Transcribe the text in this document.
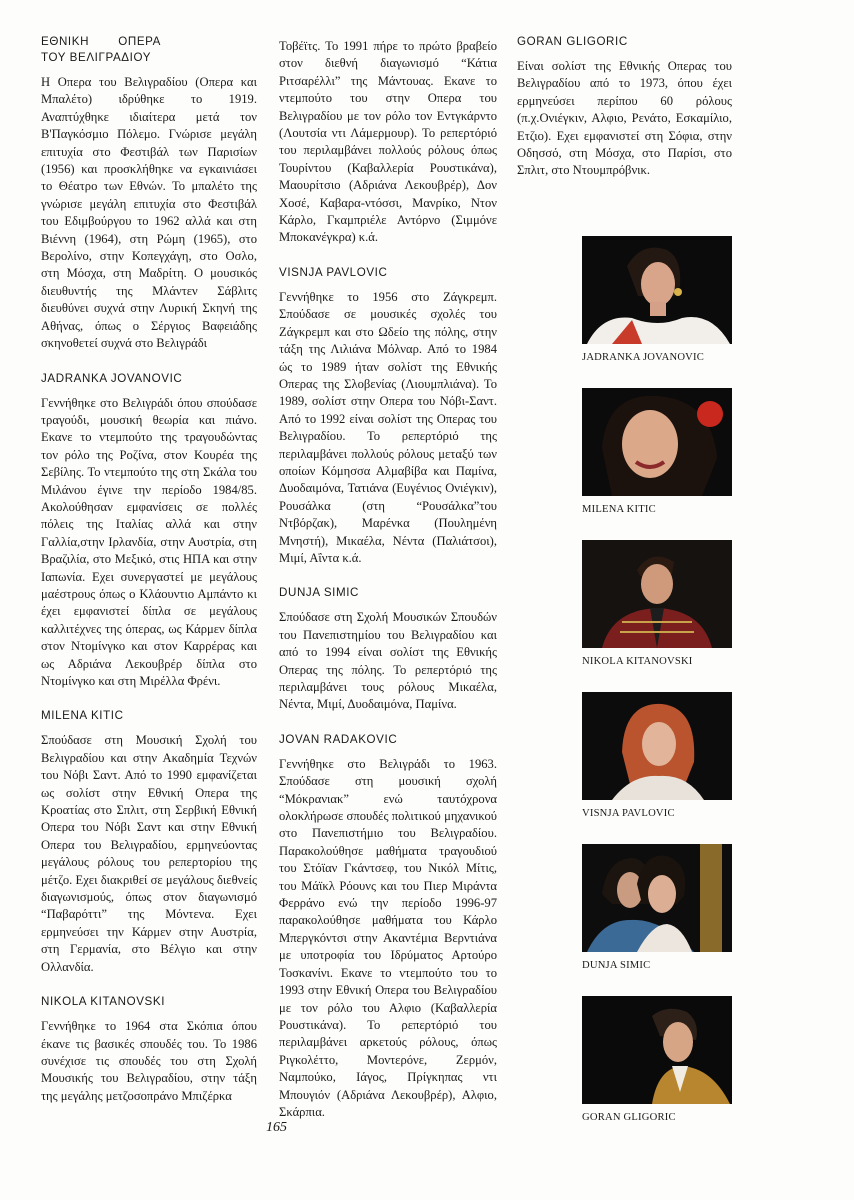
ΕΘΝΙΚΗ ΟΠΕΡΑ ΤΟΥ ΒΕΛΙΓΡΑΔΙΟΥ

Η Οπερα του Βελιγραδίου (Οπερα και Μπαλέτο) ιδρύθηκε το 1919. Αναπτύχθηκε ιδιαίτερα μετά τον Β'Παγκόσμιο Πόλεμο. Γνώρισε μεγάλη επιτυχία στο Φεστιβάλ των Παρισίων (1956) και προσκλήθηκε να εγκαινιάσει το Θέατρο των Εθνών. Το μπαλέτο της γνώρισε μεγάλη επιτυχία στο Φεστιβάλ του Εδιμβούργου το 1962 αλλά και στη Βιέννη (1964), στη Ρώμη (1965), στο Βερολίνο, στην Κοπεγχάγη, στο Οσλο, στη Μόσχα, στη Μαδρίτη. Ο μουσικός διευθυντής της Μλάντεν Σάβλιτς διευθύνει συχνά στην Λυρική Σκηνή της Αθήνας, όπως ο Σέργιος Βαφειάδης σκηνοθετεί συχνά στο Βελιγράδι

JADRANKA JOVANOVIC

Γεννήθηκε στο Βελιγράδι όπου σπούδασε τραγούδι, μουσική θεωρία και πιάνο. Εκανε το ντεμπούτο της τραγουδώντας τον ρόλο της Ροζίνα, στον Κουρέα της Σεβίλης. Το ντεμπούτο της στη Σκάλα του Μιλάνου έγινε την περίοδο 1984/85. Ακολούθησαν εμφανίσεις σε πολλές πόλεις της Ιταλίας αλλά και στην Γαλλία,στην Ιρλανδία, στην Αυστρία, στη Βραζιλία, στο Μεξικό, στις ΗΠΑ και στην Ιαπωνία. Εχει συνεργαστεί με μεγάλους μαέστρους όπως ο Κλάουντιο Αμπάντο κι έχει εμφανιστεί δίπλα σε μεγάλους καλλιτέχνες της όπερας, ως Κάρμεν δίπλα στον Ντομίνγκο και στον Καρρέρας και ως Αδριάνα Λεκουβρέρ δίπλα στο Ντομίνγκο και στη Μιρέλλα Φρένι.

MILENA KITIC

Σπούδασε στη Μουσική Σχολή του Βελιγραδίου και στην Ακαδημία Τεχνών του Νόβι Σαντ. Από το 1990 εμφανίζεται ως σολίστ στην Εθνική Οπερα της Κροατίας στο Σπλιτ, στη Σερβική Εθνική Οπερα του Νόβι Σαντ και στην Εθνική Οπερα του Βελιγραδίου, ερμηνεύοντας μεγάλους ρόλους του ρεπερτορίου της μέτζο. Εχει διακριθεί σε μεγάλους διεθνείς διαγωνισμούς, όπως στον διαγωνισμό “Παβαρόττι” της Μόντενα. Εχει ερμηνεύσει την Κάρμεν στην Αυστρία, στη Γερμανία, στο Βέλγιο και στην Ολλανδία.

NIKOLA KITANOVSKI

Γεννήθηκε το 1964 στα Σκόπια όπου έκανε τις βασικές σπουδές του. Το 1986 συνέχισε τις σπουδές του στη Σχολή Μουσικής του Βελιγραδίου, στην τάξη της μεγάλης μετζοσοπράνο Μπιζέρκα

Τοβέϊτς. Το 1991 πήρε το πρώτο βραβείο στον διεθνή διαγωνισμό “Κάτια Ριτσαρέλλι” της Μάντουας. Εκανε το ντεμπούτο του στην Οπερα του Βελιγραδίου με τον ρόλο τον Εντγκάρντο (Λουτσία ντι Λάμερμουρ). Το ρεπερτόριό του περιλαμβάνει πολλούς ρόλους όπως Τουρίντου (Καβαλλερία Ρουστικάνα), Μαουρίτσιο (Αδριάνα Λεκουβρέρ), Δον Χοσέ, Καβαρα-ντόσσι, Μανρίκο, Ντον Κάρλο, Γκαμπριέλε Αντόρνο (Σιμμόνε Μποκανέγκρα) κ.ά.

VISNJA PAVLOVIC

Γεννήθηκε το 1956 στο Ζάγκρεμπ. Σπούδασε σε μουσικές σχολές του Ζάγκρεμπ και στο Ωδείο της πόλης, στην τάξη της Λιλιάνα Μόλναρ. Από το 1984 ώς το 1989 ήταν σολίστ της Εθνικής Οπερας της Σλοβενίας (Λιουμπλιάνα). Το 1989, σολίστ στην Οπερα του Νόβι-Σαντ. Από το 1992 είναι σολίστ της Οπερας του Βελιγραδίου. Το ρεπερτόριό της περιλαμβάνει πολλούς ρόλους μεταξύ των οποίων Κόμησσα Αλμαβίβα και Παμίνα, Δυοδαιμόνα, Τατιάνα (Ευγένιος Ονιέγκιν), Ρουσάλκα (στη “Ρουσάλκα”του Ντβόρζακ), Μαρένκα (Πουλημένη Μνηστή), Μικαέλα, Νέντα (Παλιάτσοι), Μιμί, Αΐντα κ.ά.

DUNJA SIMIC

Σπούδασε στη Σχολή Μουσικών Σπουδών του Πανεπιστημίου του Βελιγραδίου και από το 1994 είναι σολίστ της Εθνικής Οπερας της πόλης. Το ρεπερτόριό της περιλαμβάνει τους ρόλους Μικαέλα, Νέντα, Μιμί, Δυοδαιμόνα, Παμίνα.

JOVAN RADAKOVIC

Γεννήθηκε στο Βελιγράδι το 1963. Σπούδασε στη μουσική σχολή “Μόκρανιακ” ενώ ταυτόχρονα ολοκλήρωσε σπουδές πολιτικού μηχανικού στο Πανεπιστήμιο του Βελιγραδίου. Παρακολούθησε μαθήματα τραγουδιού του Στόϊαν Γκάντσεφ, του Νικόλ Μίτις, του Μάϊκλ Ρόουνς και του Πιερ Μιράντα Φερράνο ενώ την περίοδο 1996-97 παρακολούθησε μαθήματα του Κάρλο Μπεργκόντσι στην Ακαντέμια Βερντιάνα με υποτροφία του Ιδρύματος Αρτούρο Τοσκανίνι. Εκανε το ντεμπούτο του το 1993 στην Εθνική Οπερα του Βελιγραδίου με τον ρόλο του Αλφιο (Καβαλλερία Ρουστικάνα). Το ρεπερτόριό του περιλαμβάνει αρκετούς ρόλους, όπως Ριγκολέττο, Μοντερόνε, Ζερμόν, Ναμπούκο, Ιάγος, Πρίγκηπας ντι Μπουγιόν (Αδριάνα Λεκουβρέρ), Αλφιο, Σκάρπια.

GORAN GLIGORIC

Είναι σολίστ της Εθνικής Οπερας του Βελιγραδίου από το 1973, όπου έχει ερμηνεύσει περίπου 60 ρόλους (π.χ.Ονιέγκιν, Αλφιο, Ρενάτο, Εσκαμίλιο, Ετζιο). Εχει εμφανιστεί στη Σόφια, στην Οδησσό, στη Μόσχα, στο Παρίσι, στο Σπλιτ, στο Ντουμπρόβνικ.

JADRANKA JOVANOVIC
MILENA KITIC
NIKOLA KITANOVSKI
VISNJA PAVLOVIC
DUNJA SIMIC
GORAN GLIGORIC
165
